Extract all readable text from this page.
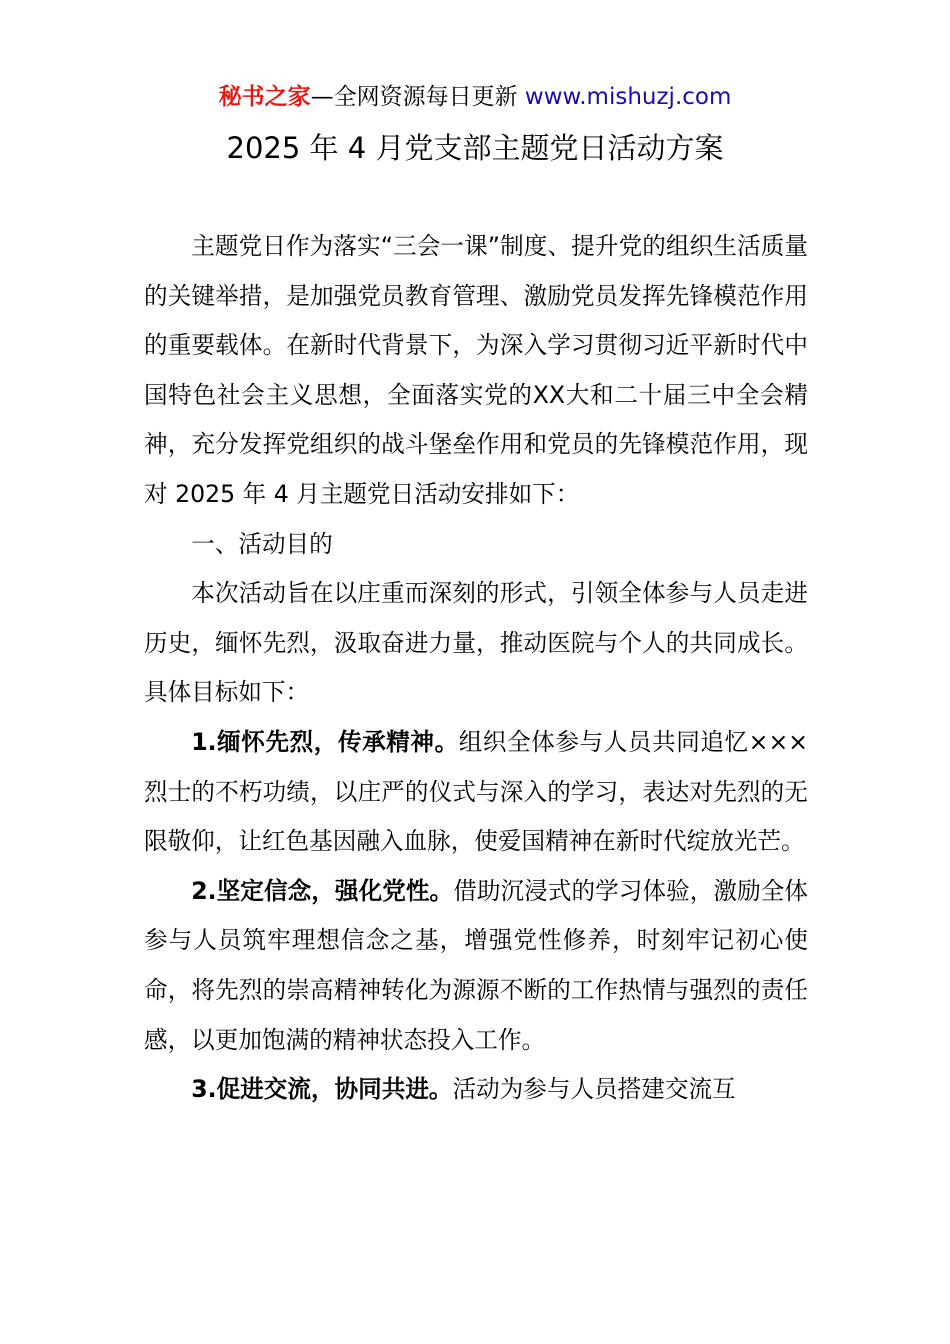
秘书之家—全网资源每日更新 www.mishuzj.com
2025 年 4 月党支部主题党日活动方案

主题党日作为落实“三会一课”制度、提升党的组织生活质量的关键举措，是加强党员教育管理、激励党员发挥先锋模范作用的重要载体。在新时代背景下，为深入学习贯彻习近平新时代中国特色社会主义思想，全面落实党的XX大和二十届三中全会精神，充分发挥党组织的战斗堡垒作用和党员的先锋模范作用，现对 2025 年 4 月主题党日活动安排如下：

一、活动目的

本次活动旨在以庄重而深刻的形式，引领全体参与人员走进历史，缅怀先烈，汲取奋进力量，推动医院与个人的共同成长。具体目标如下：

1.缅怀先烈，传承精神。组织全体参与人员共同追忆×××烈士的不朽功绩，以庄严的仪式与深入的学习，表达对先烈的无限敬仰，让红色基因融入血脉，使爱国精神在新时代绽放光芒。

2.坚定信念，强化党性。借助沉浸式的学习体验，激励全体参与人员筑牢理想信念之基，增强党性修养，时刻牢记初心使命，将先烈的崇高精神转化为源源不断的工作热情与强烈的责任感，以更加饱满的精神状态投入工作。

3.促进交流，协同共进。活动为参与人员搭建交流互
